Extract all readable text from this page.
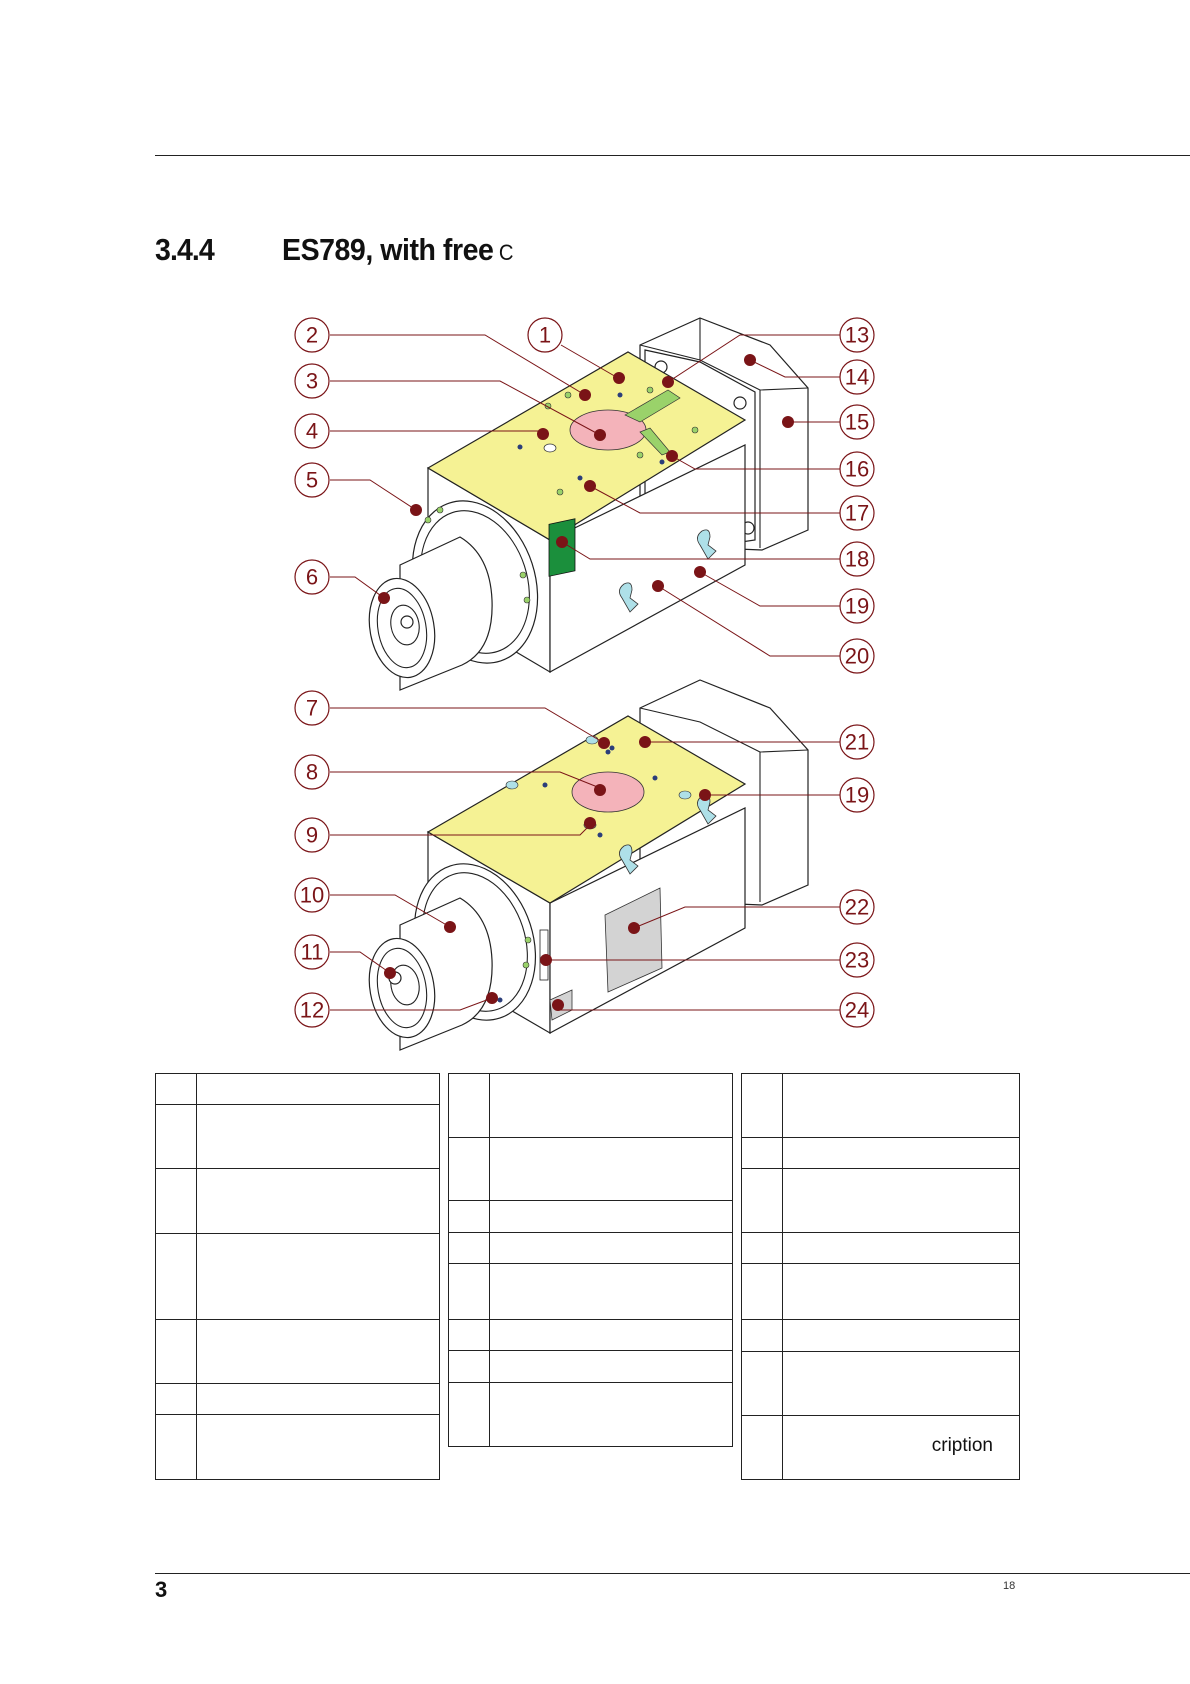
3.4.4 ES789, with free C
2
3
4
5
6
7
8
9
10
11
12
1	13
14
15
16
17
18
19
20
21
19
22
23
24

	cription
3	18
